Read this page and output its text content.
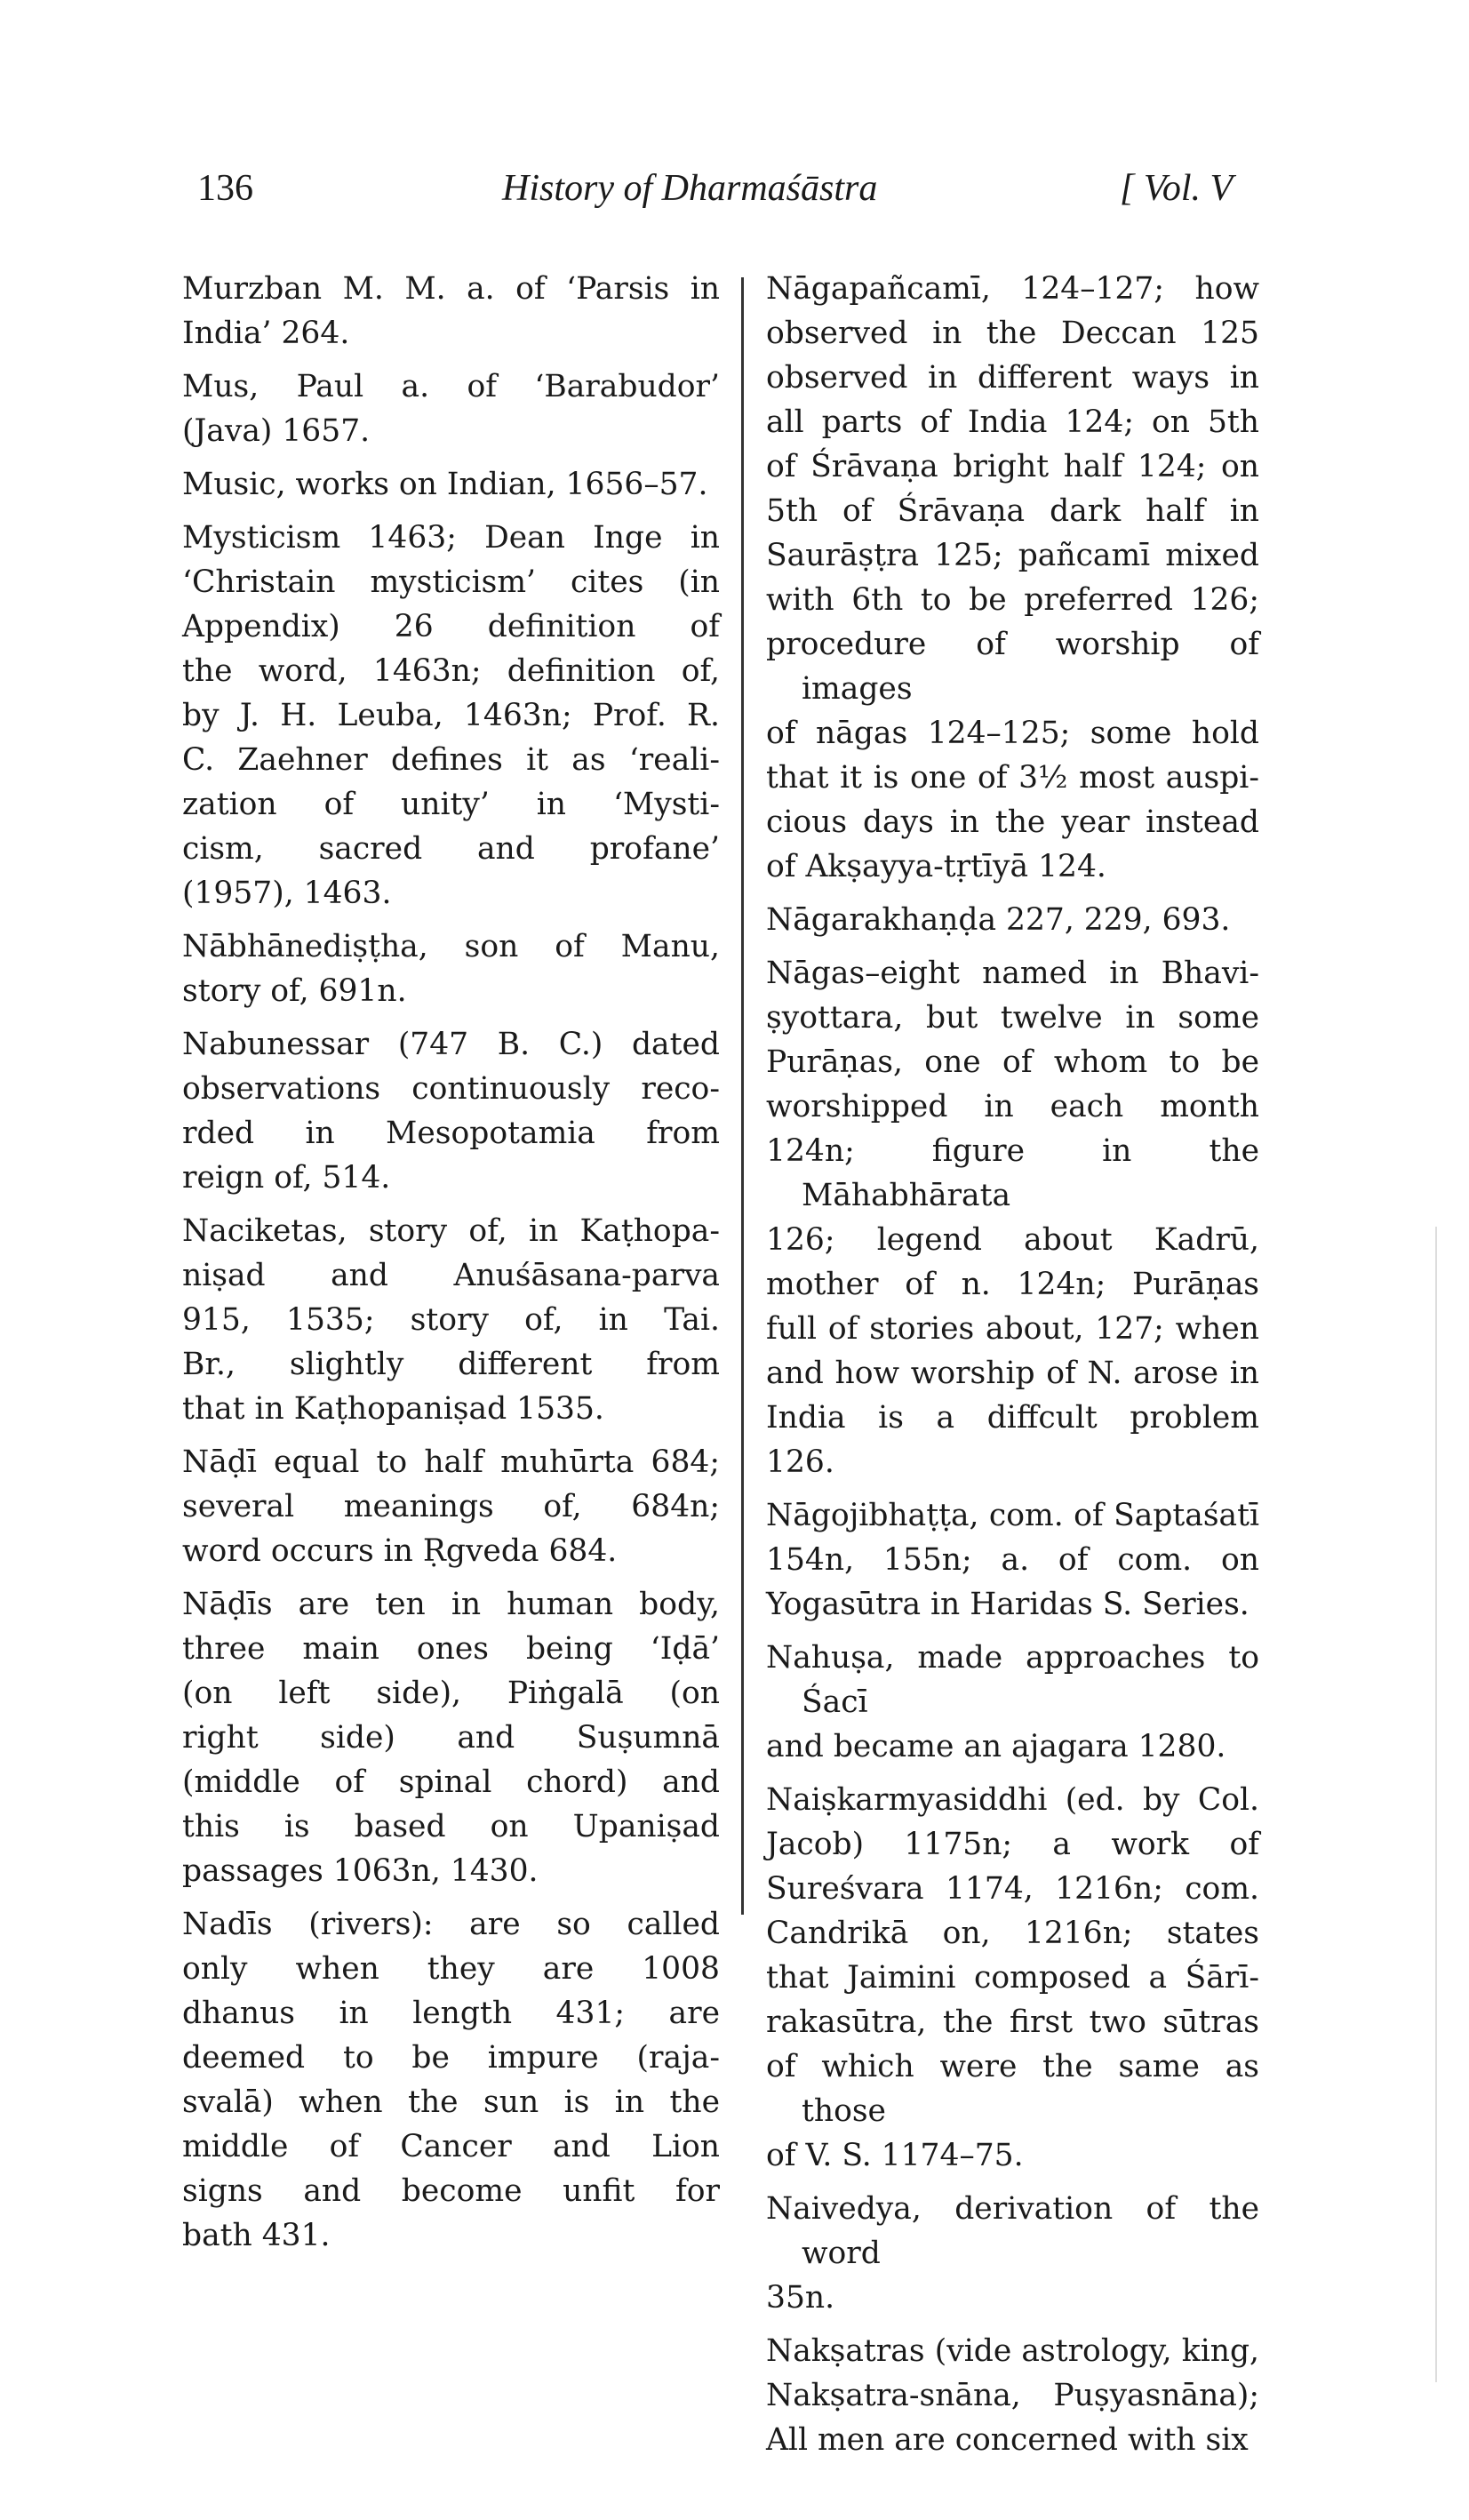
136	History of Dharmaśāstra	[ Vol. V
Murzban M. M. a. of ‘Parsis in
India’ 264.
Mus, Paul a. of ‘Barabudor’
(Java) 1657.
Music, works on Indian, 1656–57.
Mysticism 1463; Dean Inge in
‘Christain mysticism’ cites (in
Appendix) 26 definition of
the word, 1463n; definition of,
by J. H. Leuba, 1463n; Prof. R.
C. Zaehner defines it as ‘reali-
zation of unity’ in ‘Mysti-
cism, sacred and profane’
(1957), 1463.
Nābhānediṣṭha, son of Manu,
story of, 691n.
Nabunessar (747 B. C.) dated
observations continuously reco-
rded in Mesopotamia from
reign of, 514.
Naciketas, story of, in Kaṭhopa-
niṣad and Anuśāsana-parva
915, 1535; story of, in Tai.
Br., slightly different from
that in Kaṭhopaniṣad 1535.
Nāḍī equal to half muhūrta 684;
several meanings of, 684n;
word occurs in Ṛgveda 684.
Nāḍīs are ten in human body,
three main ones being ‘Iḍā’
(on left side), Piṅgalā (on
right side) and Suṣumnā
(middle of spinal chord) and
this is based on Upaniṣad
passages 1063n, 1430.
Nadīs (rivers): are so called
only when they are 1008
dhanus in length 431; are
deemed to be impure (raja-
svalā) when the sun is in the
middle of Cancer and Lion
signs and become unfit for
bath 431.
Nāgapañcamī, 124–127; how
observed in the Deccan 125
observed in different ways in
all parts of India 124; on 5th
of Śrāvaṇa bright half 124; on
5th of Śrāvaṇa dark half in
Saurāṣṭra 125; pañcamī mixed
with 6th to be preferred 126;
procedure of worship of images
of nāgas 124–125; some hold
that it is one of 3½ most auspi-
cious days in the year instead
of Akṣayya-tṛtīyā 124.
Nāgarakhaṇḍa 227, 229, 693.
Nāgas–eight named in Bhavi-
ṣyottara, but twelve in some
Purāṇas, one of whom to be
worshipped in each month
124n; figure in the Māhabhārata
126; legend about Kadrū,
mother of n. 124n; Purāṇas
full of stories about, 127; when
and how worship of N. arose in
India is a diffcult problem
126.
Nāgojibhaṭṭa, com. of Saptaśatī
154n, 155n; a. of com. on
Yogasūtra in Haridas S. Series.
Nahuṣa, made approaches to Śacī
and became an ajagara 1280.
Naiṣkarmyasiddhi (ed. by Col.
Jacob) 1175n; a work of
Sureśvara 1174, 1216n; com.
Candrikā on, 1216n; states
that Jaimini composed a Śārī-
rakasūtra, the first two sūtras
of which were the same as those
of V. S. 1174–75.
Naivedya, derivation of the word
35n.
Nakṣatras (vide astrology, king,
Nakṣatra-snāna, Puṣyasnāna);
All men are concerned with six
